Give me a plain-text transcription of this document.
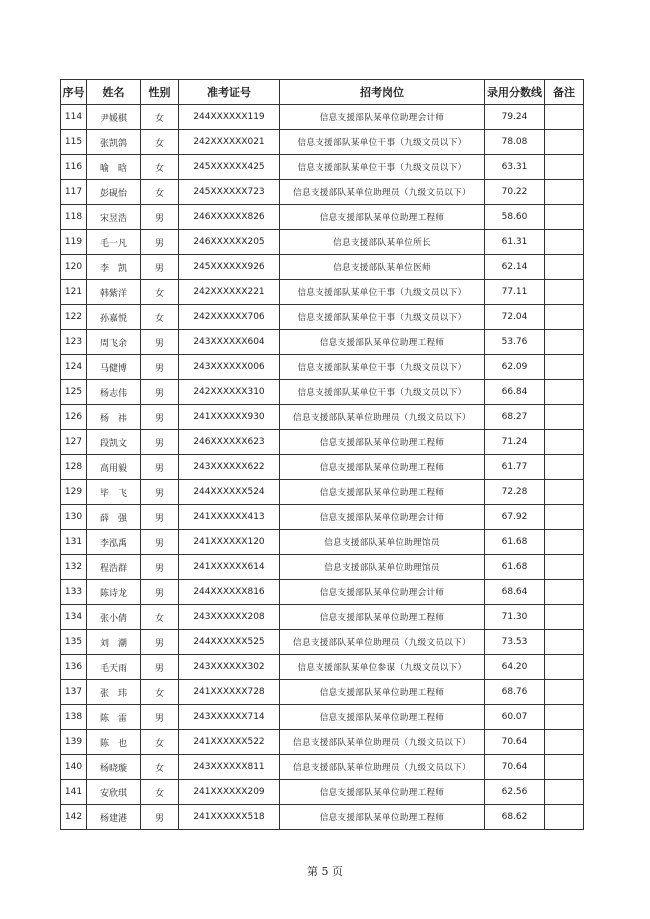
序号	姓名	性别	准考证号	招考岗位	录用分数线	备注
114	尹媛棋	女	244XXXXXX119	信息支援部队某单位助理会计师	79.24	
115	张凯鸽	女	242XXXXXX021	信息支援部队某单位干事（九级文员以下）	78.08	
116	喻　晗	女	245XXXXXX425	信息支援部队某单位干事（九级文员以下）	63.31	
117	彭砚怡	女	245XXXXXX723	信息支援部队某单位助理员（九级文员以下）	70.22	
118	宋昱浩	男	246XXXXXX826	信息支援部队某单位助理工程师	58.60	
119	毛一凡	男	246XXXXXX205	信息支援部队某单位所长	61.31	
120	李　凯	男	245XXXXXX926	信息支援部队某单位医师	62.14	
121	韩紫洋	女	242XXXXXX221	信息支援部队某单位干事（九级文员以下）	77.11	
122	孙嘉悦	女	242XXXXXX706	信息支援部队某单位干事（九级文员以下）	72.04	
123	周飞余	男	243XXXXXX604	信息支援部队某单位助理工程师	53.76	
124	马健博	男	243XXXXXX006	信息支援部队某单位干事（九级文员以下）	62.09	
125	杨志伟	男	242XXXXXX310	信息支援部队某单位干事（九级文员以下）	66.84	
126	杨　祎	男	241XXXXXX930	信息支援部队某单位助理员（九级文员以下）	68.27	
127	段凯文	男	246XXXXXX623	信息支援部队某单位助理工程师	71.24	
128	高用毅	男	243XXXXXX622	信息支援部队某单位助理工程师	61.77	
129	毕　飞	男	244XXXXXX524	信息支援部队某单位助理工程师	72.28	
130	薛　强	男	241XXXXXX413	信息支援部队某单位助理会计师	67.92	
131	李泓禹	男	241XXXXXX120	信息支援部队某单位助理馆员	61.68	
132	程浩群	男	241XXXXXX614	信息支援部队某单位助理馆员	61.68	
133	陈诗龙	男	244XXXXXX816	信息支援部队某单位助理会计师	68.64	
134	张小倩	女	243XXXXXX208	信息支援部队某单位助理工程师	71.30	
135	刘　潮	男	244XXXXXX525	信息支援部队某单位助理员（九级文员以下）	73.53	
136	毛天雨	男	243XXXXXX302	信息支援部队某单位参谋（九级文员以下）	64.20	
137	张　玮	女	241XXXXXX728	信息支援部队某单位助理工程师	68.76	
138	陈　雷	男	243XXXXXX714	信息支援部队某单位助理工程师	60.07	
139	陈　也	女	241XXXXXX522	信息支援部队某单位助理员（九级文员以下）	70.64	
140	杨晓璇	女	243XXXXXX811	信息支援部队某单位助理员（九级文员以下）	70.64	
141	安欣琪	女	241XXXXXX209	信息支援部队某单位助理工程师	62.56	
142	杨建港	男	241XXXXXX518	信息支援部队某单位助理工程师	68.62	
第 5 页
